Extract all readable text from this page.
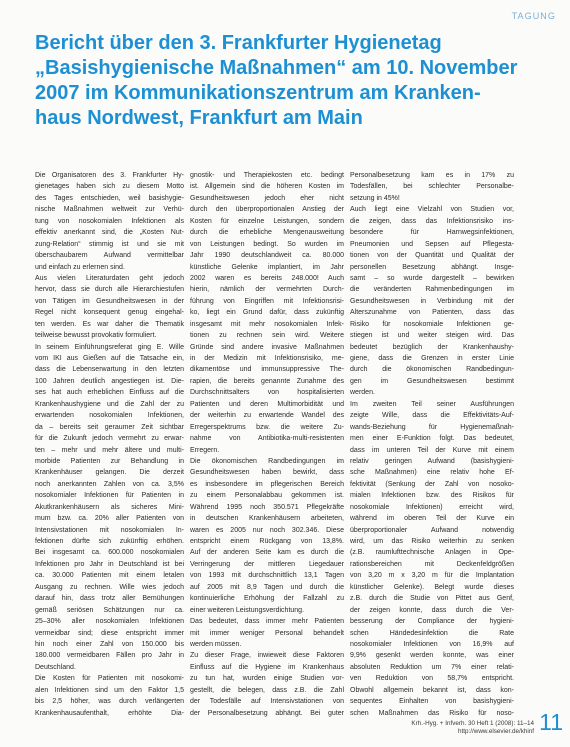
TAGUNG
Bericht über den 3. Frankfurter Hygienetag
„Basishygienische Maßnahmen“ am 10. November
2007 im Kommunikationszentrum am Kranken-
haus Nordwest, Frankfurt am Main
Die Organisatoren des 3. Frankfurter Hy-
gienetages haben sich zu diesem Motto
des Tages entschieden, weil basishygie-
nische Maßnahmen weltweit zur Verhü-
tung von nosokomialen Infektionen als
effektiv anerkannt sind, die „Kosten Nut-
zung-Relation“ stimmig ist und sie mit
überschaubarem Aufwand vermittelbar
und einfach zu erlernen sind.
Aus vielen Literaturdaten geht jedoch
hervor, dass sie durch alle Hierarchiestufen
von Tätigen im Gesundheitswesen in der
Regel nicht konsequent genug eingehal-
ten werden. Es war daher die Thematik
teilweise bewusst provokativ formuliert.
In seinem Einführungsreferat ging E. Wille
vom IKI aus Gießen auf die Tatsache ein,
dass die Lebenserwartung in den letzten
100 Jahren deutlich angestiegen ist. Die-
ses hat auch erheblichen Einfluss auf die
Krankenhaushygiene und die Zahl der zu
erwartenden nosokomialen Infektionen,
da – bereits seit geraumer Zeit sichtbar
für die Zukunft jedoch vermehrt zu erwar-
ten – mehr und mehr ältere und multi-
morbide Patienten zur Behandlung in
Krankenhäuser gelangen. Die derzeit
noch anerkannten Zahlen von ca. 3,5%
nosokomialer Infektionen für Patienten in
Akutkrankenhäusern als sicheres Mini-
mum bzw. ca. 20% aller Patienten von
Intensivstationen mit nosokomialen In-
fektionen dürfte sich zukünftig erhöhen.
Bei insgesamt ca. 600.000 nosokomialen
Infektionen pro Jahr in Deutschland ist bei
ca. 30.000 Patienten mit einem letalen
Ausgang zu rechnen. Wille wies jedoch
darauf hin, dass trotz aller Bemühungen
gemäß seriösen Schätzungen nur ca.
25–30% aller nosokomialen Infektionen
vermeidbar sind; diese entspricht immer
hin noch einer Zahl von 150.000 bis
180.000 vermeidbaren Fällen pro Jahr in
Deutschland.
Die Kosten für Patienten mit nosokomi-
alen Infektionen sind um den Faktor 1,5
bis 2,5 höher, was durch verlängerten
Krankenhausaufenthalt, erhöhte Dia-
gnostik- und Therapiekosten etc. bedingt
ist. Allgemein sind die höheren Kosten im
Gesundheitswesen jedoch eher nicht
durch den überproportionalen Anstieg der
Kosten für einzelne Leistungen, sondern
durch die erhebliche Mengenausweitung
von Leistungen bedingt. So wurden im
Jahr 1990 deutschlandweit ca. 80.000
künstliche Gelenke implantiert, im Jahr
2002 waren es bereits 248.000! Auch
hierin, nämlich der vermehrten Durch-
führung von Eingriffen mit Infektionsrisi-
ko, liegt ein Grund dafür, dass zukünftig
insgesamt mit mehr nosokomialen Infek-
tionen zu rechnen sein wird. Weitere
Gründe sind andere invasive Maßnahmen
in der Medizin mit Infektionsrisiko, me-
dikamentöse und immunsuppressive The-
rapien, die bereits genannte Zunahme des
Durchschnittsalters von hospitalisierten
Patienten und deren Multimorbidität und
der weiterhin zu erwartende Wandel des
Erregerspektrums bzw. die weitere Zu-
nahme von Antibiotika-multi-resistenten
Erregern.
Die ökonomischen Randbedingungen im
Gesundheitswesen haben bewirkt, dass
es insbesondere im pflegerischen Bereich
zu einem Personalabbau gekommen ist.
Während 1995 noch 350.571 Pflegekräfte
in deutschen Krankenhäusern arbeiteten,
waren es 2005 nur noch 302.346. Diese
entspricht einem Rückgang von 13,8%.
Auf der anderen Seite kam es durch die
Verringerung der mittleren Liegedauer
von 1993 mit durchschnittlich 13,1 Tagen
auf 2005 mit 8,9 Tagen und durch die
kontinuierliche Erhöhung der Fallzahl zu
einer weiteren Leistungsverdichtung.
Das bedeutet, dass immer mehr Patienten
mit immer weniger Personal behandelt
werden müssen.
Zu dieser Frage, inwieweit diese Faktoren
Einfluss auf die Hygiene im Krankenhaus
zu tun hat, wurden einige Studien vor-
gestellt, die belegen, dass z.B. die Zahl
der Todesfälle auf Intensivstationen von
der Personalbesetzung abhängt. Bei guter
Personalbesetzung kam es in 17% zu
Todesfällen, bei schlechter Personalbe-
setzung in 45%!
Auch liegt eine Vielzahl von Studien vor,
die zeigen, dass das Infektionsrisiko ins-
besondere für Harnwegsinfektionen,
Pneumonien und Sepsen auf Pflegesta-
tionen von der Quantität und Qualität der
personellen Besetzung abhängt. Insge-
samt – so wurde dargestellt – bewirken
die veränderten Rahmenbedingungen im
Gesundheitswesen in Verbindung mit der
Alterszunahme von Patienten, dass das
Risiko für nosokomiale Infektionen ge-
stiegen ist und weiter steigen wird. Das
bedeutet bezüglich der Krankenhaushy-
giene, dass die Grenzen in erster Linie
durch die ökonomischen Randbedingun-
gen im Gesundheitswesen bestimmt
werden.
Im zweiten Teil seiner Ausführungen
zeigte Wille, dass die Effektivitäts-Auf-
wands-Beziehung für Hygienemaßnah-
men einer E-Funktion folgt. Das bedeutet,
dass im unteren Teil der Kurve mit einem
relativ geringen Aufwand (basishygieni-
sche Maßnahmen) eine relativ hohe Ef-
fektivität (Senkung der Zahl von nosoko-
mialen Infektionen bzw. des Risikos für
nosokomiale Infektionen) erreicht wird,
während im oberen Teil der Kurve ein
überproportionaler Aufwand notwendig
wird, um das Risiko weiterhin zu senken
(z.B. raumlufttechnische Anlagen in Ope-
rationsbereichen mit Deckenfeldgrößen
von 3,20 m x 3,20 m für die Implantation
künstlicher Gelenke). Belegt wurde dieses
z.B. durch die Studie von Pittet aus Genf,
der zeigen konnte, dass durch die Ver-
besserung der Compliance der hygieni-
schen Händedesinfektion die Rate
nosokomialer Infektionen von 16,9% auf
9,9% gesenkt werden konnte, was einer
absoluten Reduktion um 7% einer relati-
ven Reduktion von 58,7% entspricht.
Obwohl allgemein bekannt ist, dass kon-
sequentes Einhalten von basishygieni-
schen Maßnahmen das Risiko für noso-
Krh.-Hyg. + Infverh. 30 Heft 1 (2008): 11–14
http://www.elsevier.de/khinf 11
